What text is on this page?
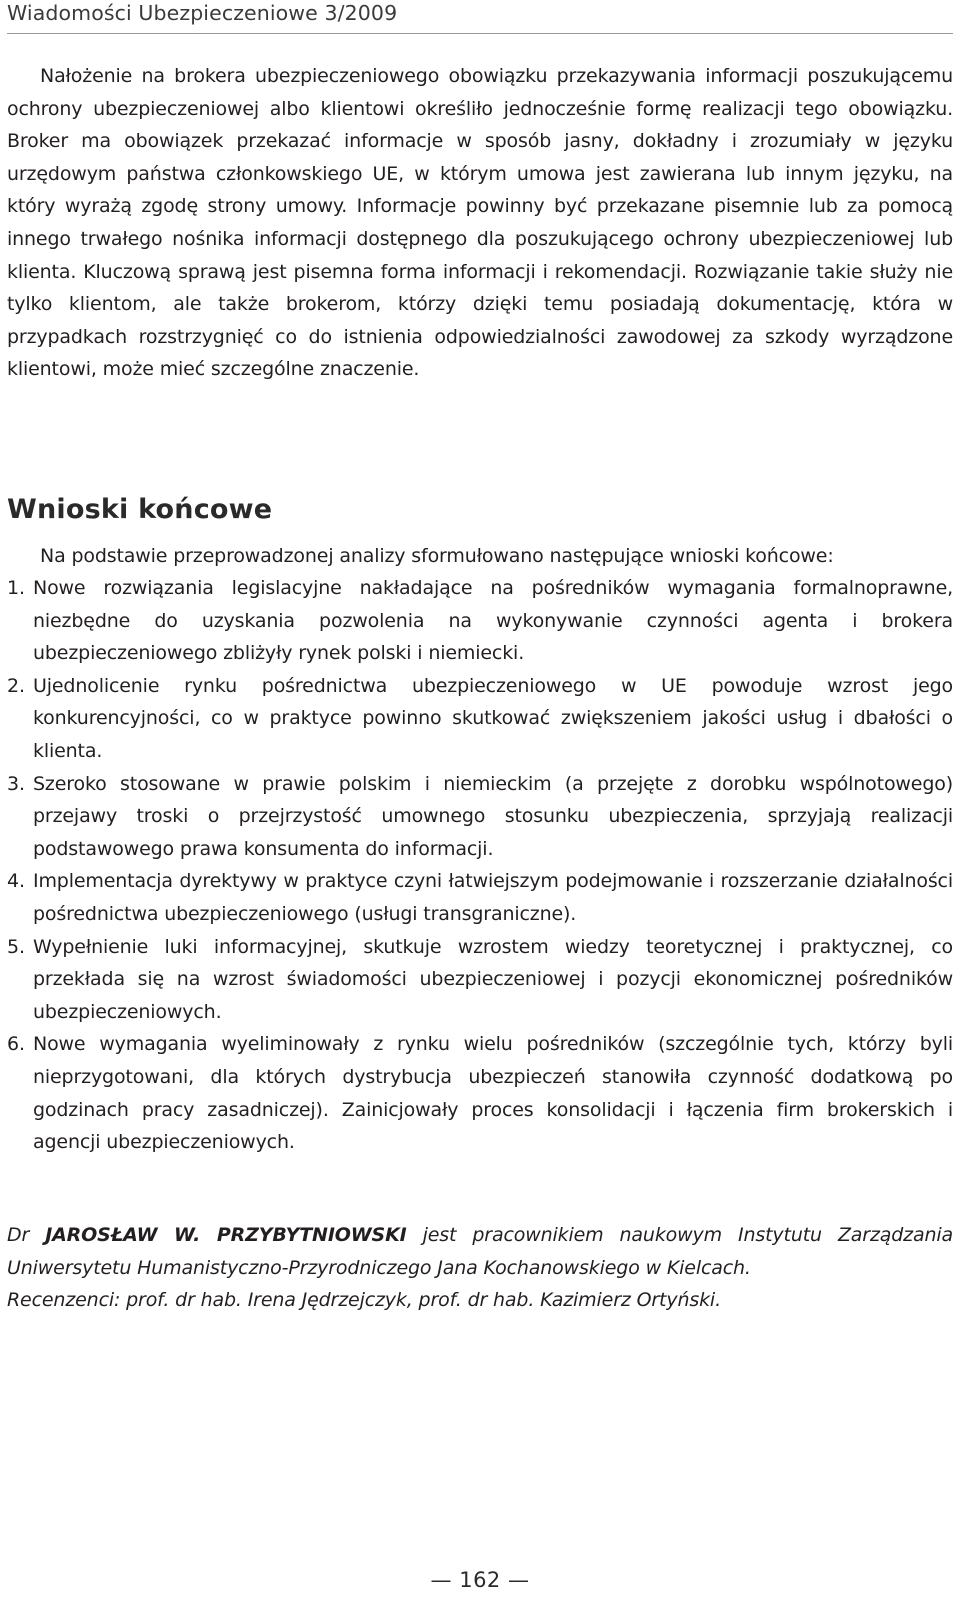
Wiadomości Ubezpieczeniowe 3/2009

Nałożenie na brokera ubezpieczeniowego obowiązku przekazywania informacji poszukującemu ochrony ubezpieczeniowej albo klientowi określiło jednocześnie formę realizacji tego obowiązku. Broker ma obowiązek przekazać informacje w sposób jasny, dokładny i zrozumiały w języku urzędowym państwa członkowskiego UE, w którym umowa jest zawierana lub innym języku, na który wyrażą zgodę strony umowy. Informacje powinny być przekazane pisemnie lub za pomocą innego trwałego nośnika informacji dostępnego dla poszukującego ochrony ubezpieczeniowej lub klienta. Kluczową sprawą jest pisemna forma informacji i rekomendacji. Rozwiązanie takie służy nie tylko klientom, ale także brokerom, którzy dzięki temu posiadają dokumentację, która w przypadkach rozstrzygnięć co do istnienia odpowiedzialności zawodowej za szkody wyrządzone klientowi, może mieć szczególne znaczenie.

Wnioski końcowe

Na podstawie przeprowadzonej analizy sformułowano następujące wnioski końcowe:

1. Nowe rozwiązania legislacyjne nakładające na pośredników wymagania formalnoprawne, niezbędne do uzyskania pozwolenia na wykonywanie czynności agenta i brokera ubezpieczeniowego zbliżyły rynek polski i niemiecki.
2. Ujednolicenie rynku pośrednictwa ubezpieczeniowego w UE powoduje wzrost jego konkurencyjności, co w praktyce powinno skutkować zwiększeniem jakości usług i dbałości o klienta.
3. Szeroko stosowane w prawie polskim i niemieckim (a przejęte z dorobku wspólnotowego) przejawy troski o przejrzystość umownego stosunku ubezpieczenia, sprzyjają realizacji podstawowego prawa konsumenta do informacji.
4. Implementacja dyrektywy w praktyce czyni łatwiejszym podejmowanie i rozszerzanie działalności pośrednictwa ubezpieczeniowego (usługi transgraniczne).
5. Wypełnienie luki informacyjnej, skutkuje wzrostem wiedzy teoretycznej i praktycznej, co przekłada się na wzrost świadomości ubezpieczeniowej i pozycji ekonomicznej pośredników ubezpieczeniowych.
6. Nowe wymagania wyeliminowały z rynku wielu pośredników (szczególnie tych, którzy byli nieprzygotowani, dla których dystrybucja ubezpieczeń stanowiła czynność dodatkową po godzinach pracy zasadniczej). Zainicjowały proces konsolidacji i łączenia firm brokerskich i agencji ubezpieczeniowych.

Dr JAROSŁAW W. PRZYBYTNIOWSKI jest pracownikiem naukowym Instytutu Zarządzania Uniwersytetu Humanistyczno-Przyrodniczego Jana Kochanowskiego w Kielcach.
Recenzenci: prof. dr hab. Irena Jędrzejczyk, prof. dr hab. Kazimierz Ortyński.

— 162 —
